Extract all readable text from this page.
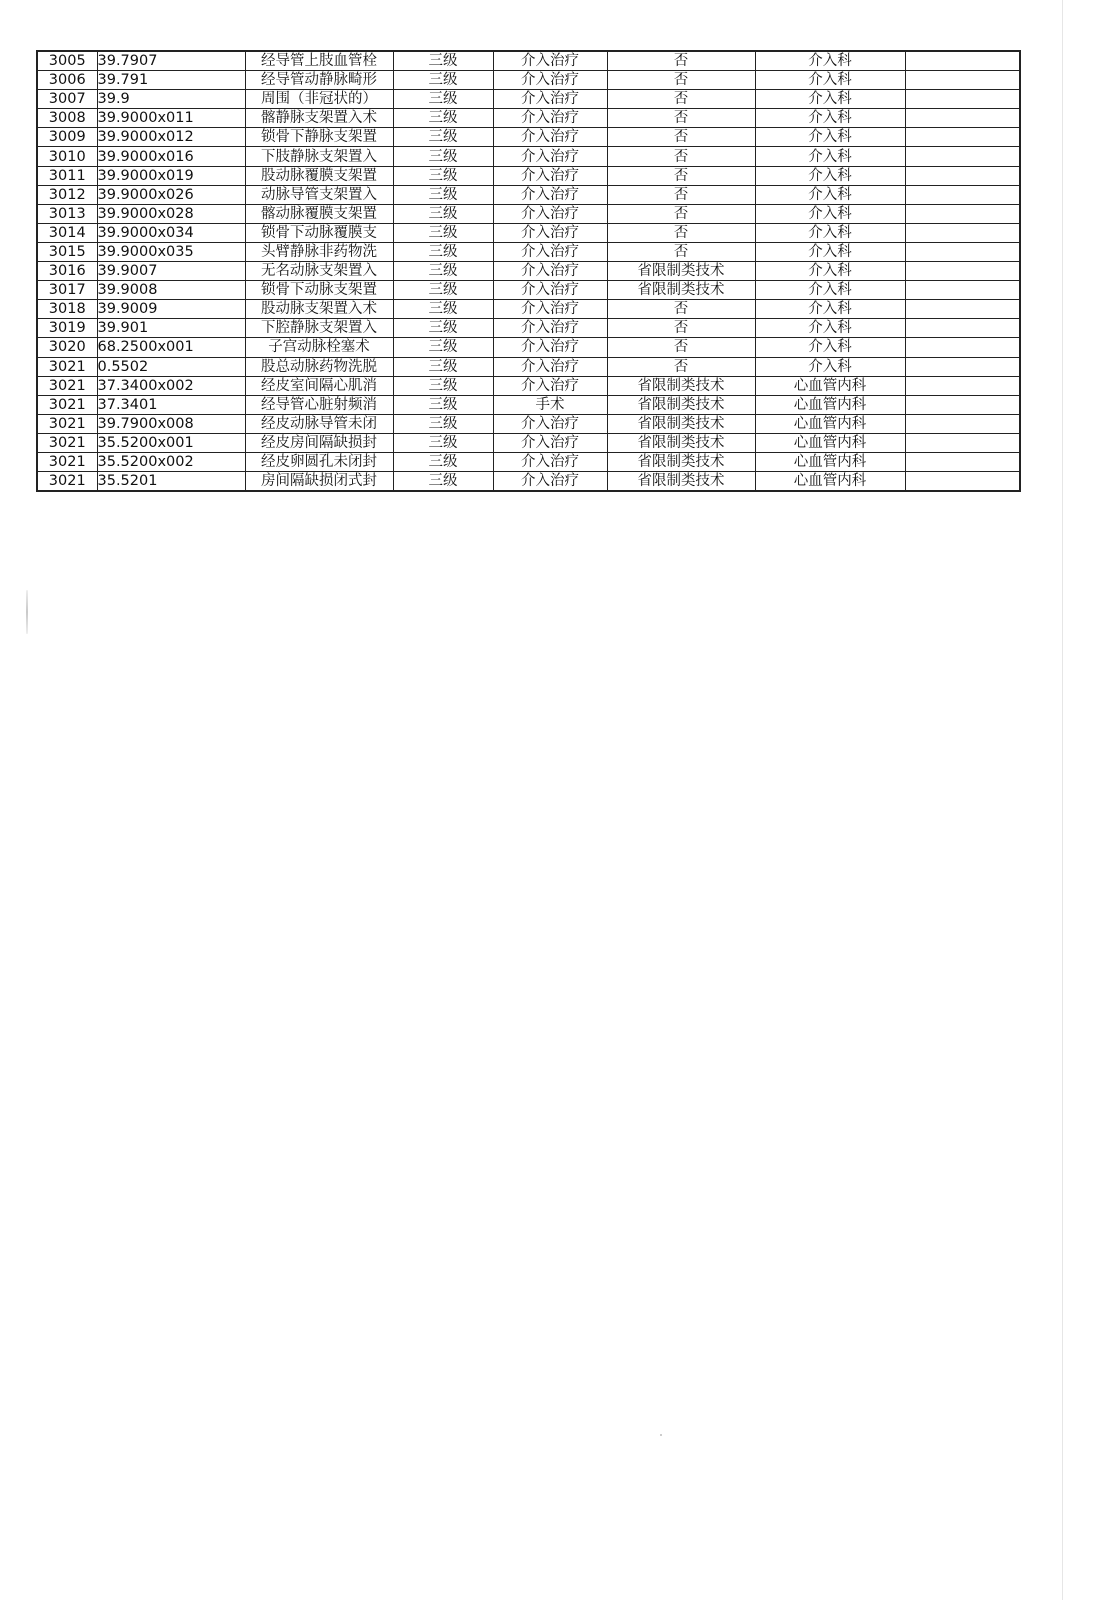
3005	39.7907	经导管上肢血管栓	三级	介入治疗	否	介入科	
3006	39.791	经导管动静脉畸形	三级	介入治疗	否	介入科	
3007	39.9	周围（非冠状的）	三级	介入治疗	否	介入科	
3008	39.9000x011	髂静脉支架置入术	三级	介入治疗	否	介入科	
3009	39.9000x012	锁骨下静脉支架置	三级	介入治疗	否	介入科	
3010	39.9000x016	下肢静脉支架置入	三级	介入治疗	否	介入科	
3011	39.9000x019	股动脉覆膜支架置	三级	介入治疗	否	介入科	
3012	39.9000x026	动脉导管支架置入	三级	介入治疗	否	介入科	
3013	39.9000x028	髂动脉覆膜支架置	三级	介入治疗	否	介入科	
3014	39.9000x034	锁骨下动脉覆膜支	三级	介入治疗	否	介入科	
3015	39.9000x035	头臂静脉非药物洗	三级	介入治疗	否	介入科	
3016	39.9007	无名动脉支架置入	三级	介入治疗	省限制类技术	介入科	
3017	39.9008	锁骨下动脉支架置	三级	介入治疗	省限制类技术	介入科	
3018	39.9009	股动脉支架置入术	三级	介入治疗	否	介入科	
3019	39.901	下腔静脉支架置入	三级	介入治疗	否	介入科	
3020	68.2500x001	子宫动脉栓塞术	三级	介入治疗	否	介入科	
3021	0.5502	股总动脉药物洗脱	三级	介入治疗	否	介入科	
3021	37.3400x002	经皮室间隔心肌消	三级	介入治疗	省限制类技术	心血管内科	
3021	37.3401	经导管心脏射频消	三级	手术	省限制类技术	心血管内科	
3021	39.7900x008	经皮动脉导管未闭	三级	介入治疗	省限制类技术	心血管内科	
3021	35.5200x001	经皮房间隔缺损封	三级	介入治疗	省限制类技术	心血管内科	
3021	35.5200x002	经皮卵圆孔未闭封	三级	介入治疗	省限制类技术	心血管内科	
3021	35.5201	房间隔缺损闭式封	三级	介入治疗	省限制类技术	心血管内科	
